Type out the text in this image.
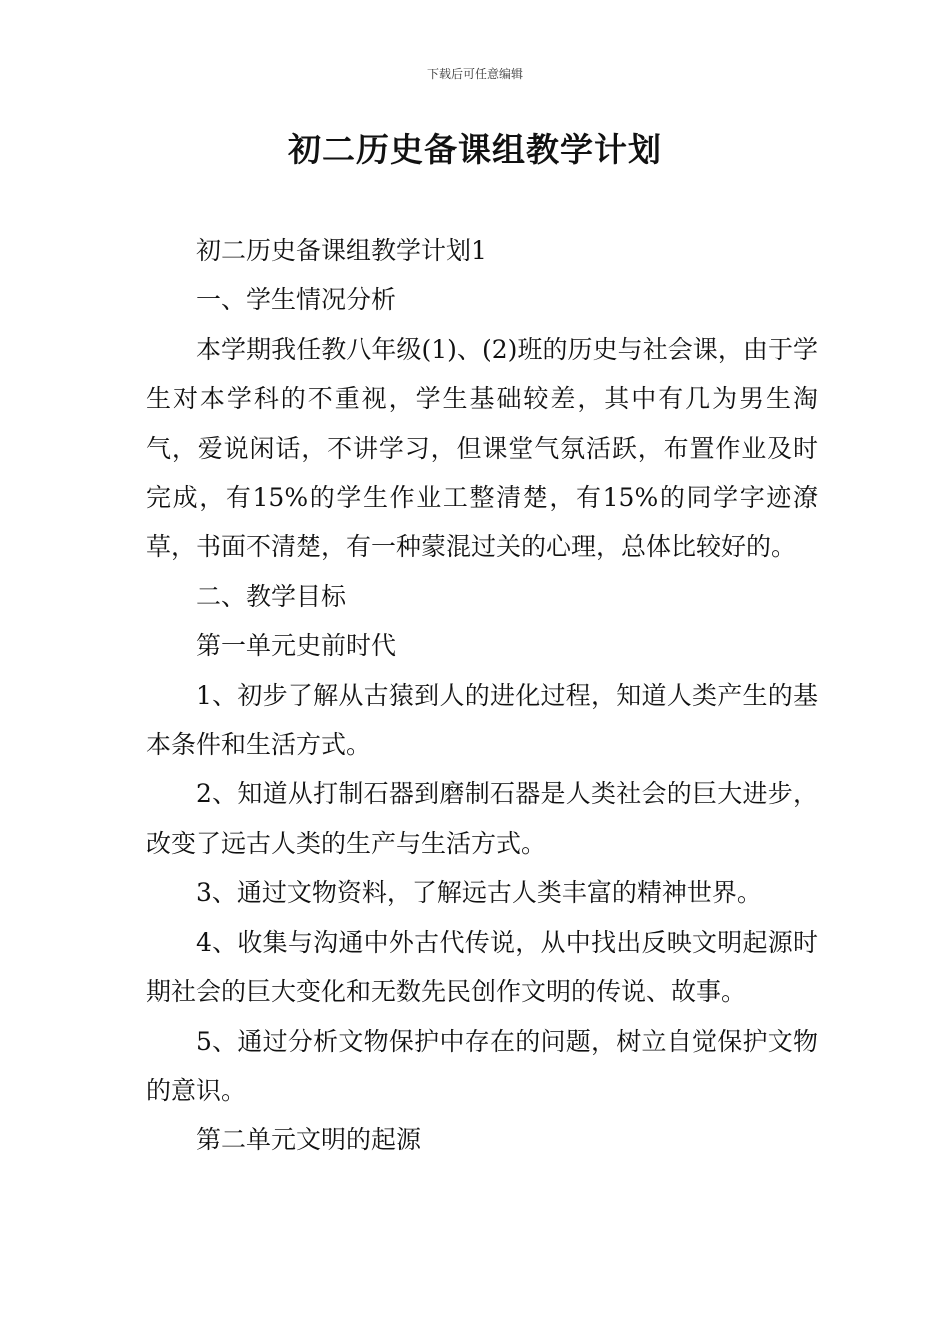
下载后可任意编辑
初二历史备课组教学计划

初二历史备课组教学计划1

一、学生情况分析

本学期我任教八年级(1)、(2)班的历史与社会课，由于学生对本学科的不重视，学生基础较差，其中有几为男生淘气，爱说闲话，不讲学习，但课堂气氛活跃，布置作业及时完成，有15%的学生作业工整清楚，有15%的同学字迹潦草，书面不清楚，有一种蒙混过关的心理，总体比较好的。

二、教学目标

第一单元史前时代

1、初步了解从古猿到人的进化过程，知道人类产生的基本条件和生活方式。

2、知道从打制石器到磨制石器是人类社会的巨大进步，改变了远古人类的生产与生活方式。

3、通过文物资料，了解远古人类丰富的精神世界。

4、收集与沟通中外古代传说，从中找出反映文明起源时期社会的巨大变化和无数先民创作文明的传说、故事。

5、通过分析文物保护中存在的问题，树立自觉保护文物的意识。

第二单元文明的起源
